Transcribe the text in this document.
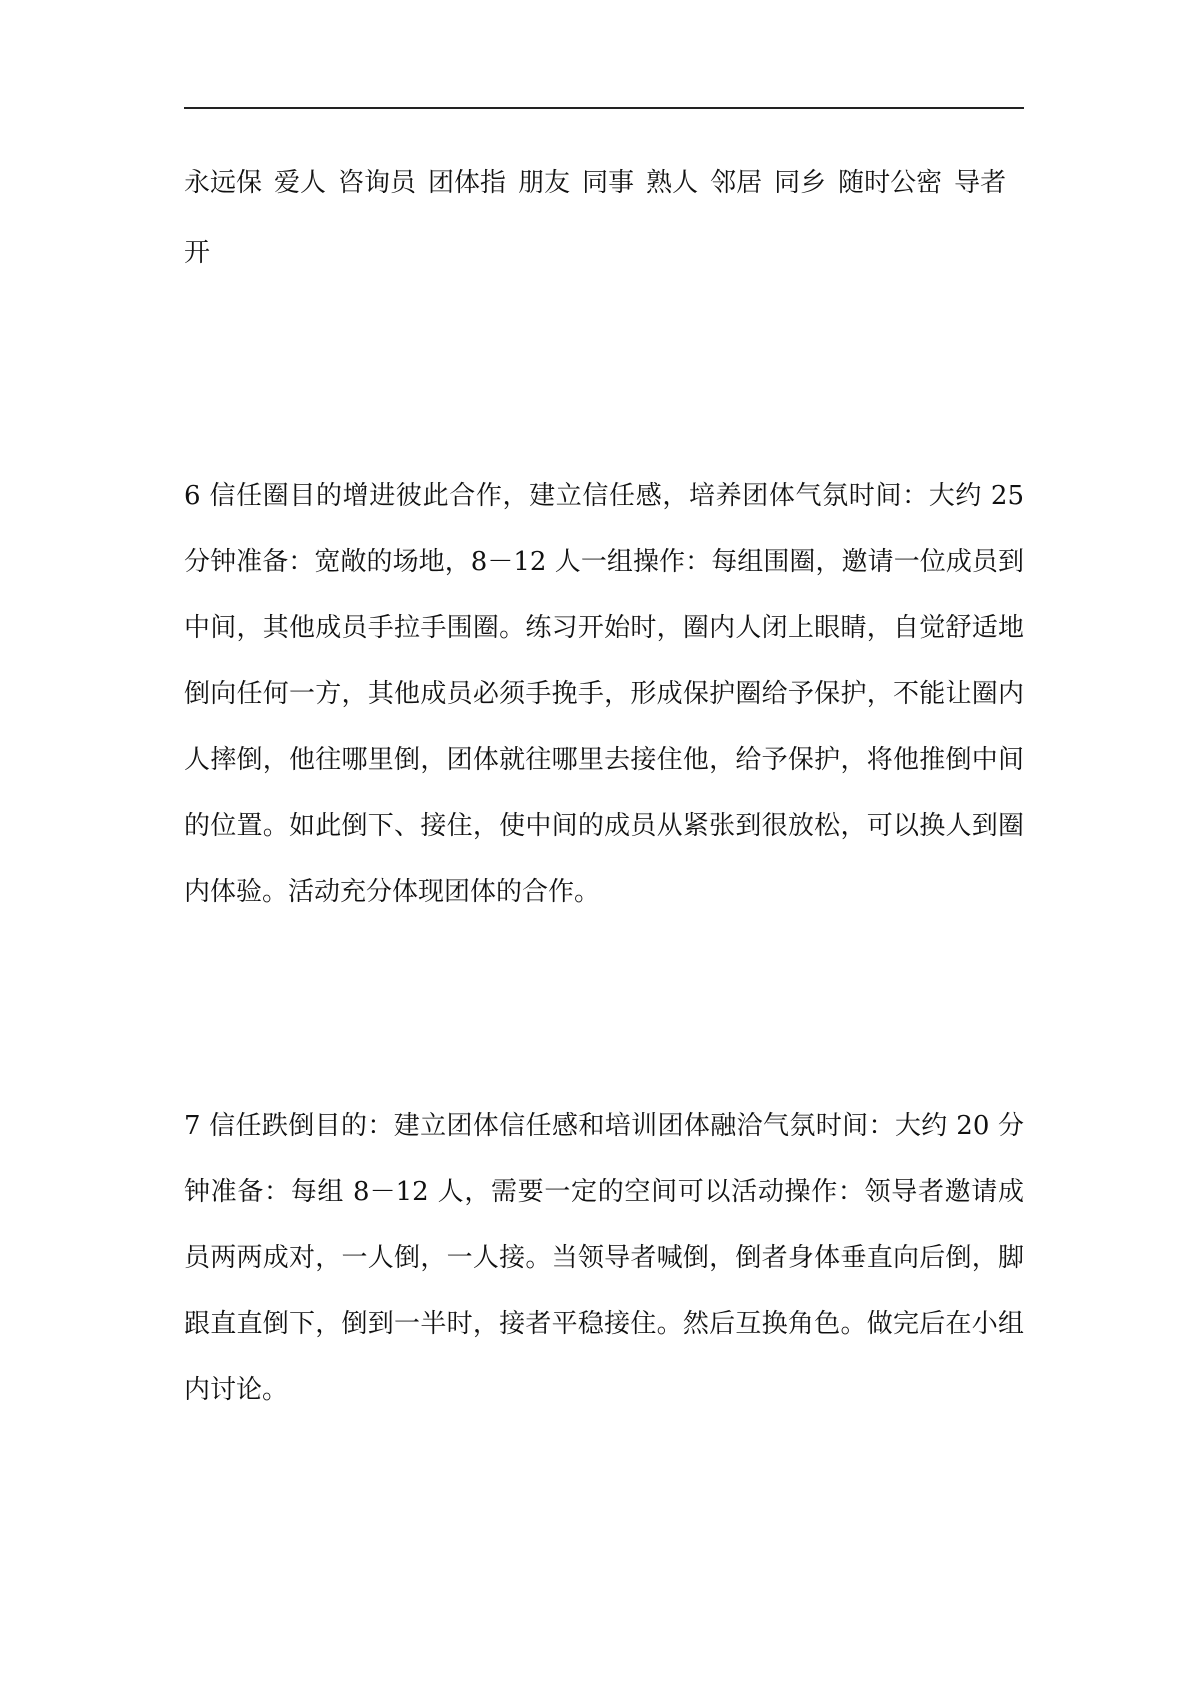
永远保 爱人 咨询员 团体指 朋友 同事 熟人 邻居 同乡 随时公密 导者
开

6 信任圈目的增进彼此合作，建立信任感，培养团体气氛时间：大约 25 分钟准备：宽敞的场地，8－12 人一组操作：每组围圈，邀请一位成员到中间，其他成员手拉手围圈。练习开始时，圈内人闭上眼睛，自觉舒适地倒向任何一方，其他成员必须手挽手，形成保护圈给予保护，不能让圈内人摔倒，他往哪里倒，团体就往哪里去接住他，给予保护，将他推倒中间的位置。如此倒下、接住，使中间的成员从紧张到很放松，可以换人到圈内体验。活动充分体现团体的合作。

7 信任跌倒目的：建立团体信任感和培训团体融洽气氛时间：大约 20 分钟准备：每组 8－12 人，需要一定的空间可以活动操作：领导者邀请成员两两成对，一人倒，一人接。当领导者喊倒，倒者身体垂直向后倒，脚跟直直倒下，倒到一半时，接者平稳接住。然后互换角色。做完后在小组内讨论。
